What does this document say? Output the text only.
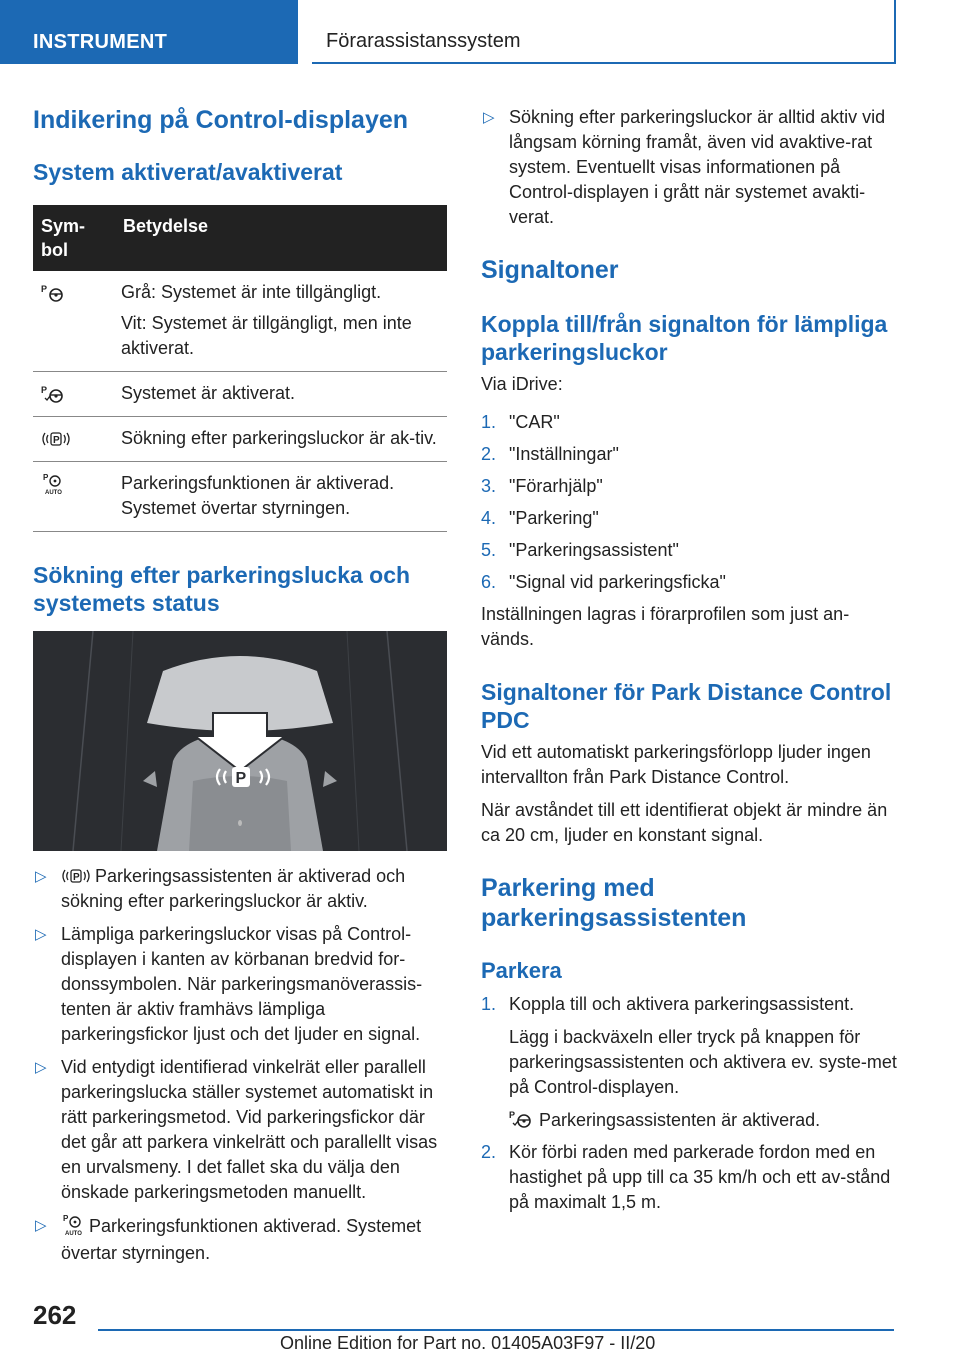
INSTRUMENT	Förarassistanssystem
Indikering på Control-displayen
System aktiverat/avaktiverat
Sym-
bol	Betydelse

P	Grå: Systemet är inte tillgängligt.

Vit: Systemet är tillgängligt, men inte aktiverat.

P	Systemet är aktiverat.

P	Sökning efter parkeringsluckor är ak-tiv.

P
AUTO	Parkeringsfunktionen är aktiverad. Systemet övertar styrningen.

Sökning efter parkeringslucka och systemets status
P
▷	P Parkeringsassistenten är aktiverad och sökning efter parkeringsluckor är aktiv.
▷ Lämpliga parkeringsluckor visas på Control-displayen i kanten av körbanan bredvid for-donssymbolen. När parkeringsmanöverassis-tenten är aktiv framhävs lämpliga parkeringsfickor ljust och det ljuder en signal.
▷ Vid entydigt identifierad vinkelrät eller parallell parkeringslucka ställer systemet automatiskt in rätt parkeringsmetod. Vid parkeringsfickor där det går att parkera vinkelrätt och parallellt visas en urvalsmeny. I det fallet ska du välja den önskade parkeringsmetoden manuellt.
▷ P
AUTO Parkeringsfunktionen aktiverad. Systemet övertar styrningen.
▷ Sökning efter parkeringsluckor är alltid aktiv vid långsam körning framåt, även vid avaktive-rat system. Eventuellt visas informationen på Control-displayen i grått när systemet avakti-verat.
Signaltoner
Koppla till/från signalton för lämpliga parkeringsluckor
Via iDrive:
1. "CAR"
2. "Inställningar"
3. "Förarhjälp"
4. "Parkering"
5. "Parkeringsassistent"
6. "Signal vid parkeringsficka"
Inställningen lagras i förarprofilen som just an-vänds.
Signaltoner för Park Distance Control PDC
Vid ett automatiskt parkeringsförlopp ljuder ingen intervallton från Park Distance Control.
När avståndet till ett identifierat objekt är mindre än ca 20 cm, ljuder en konstant signal.
Parkering med parkeringsassistenten
Parkera
1. Koppla till och aktivera parkeringsassistent.
Lägg i backväxeln eller tryck på knappen för parkeringsassistenten och aktivera ev. syste-met på Control-displayen.
P Parkeringsassistenten är aktiverad.
2. Kör förbi raden med parkerade fordon med en hastighet på upp till ca 35 km/h och ett av-stånd på maximalt 1,5 m.
262
Online Edition for Part no. 01405A03F97 - II/20
